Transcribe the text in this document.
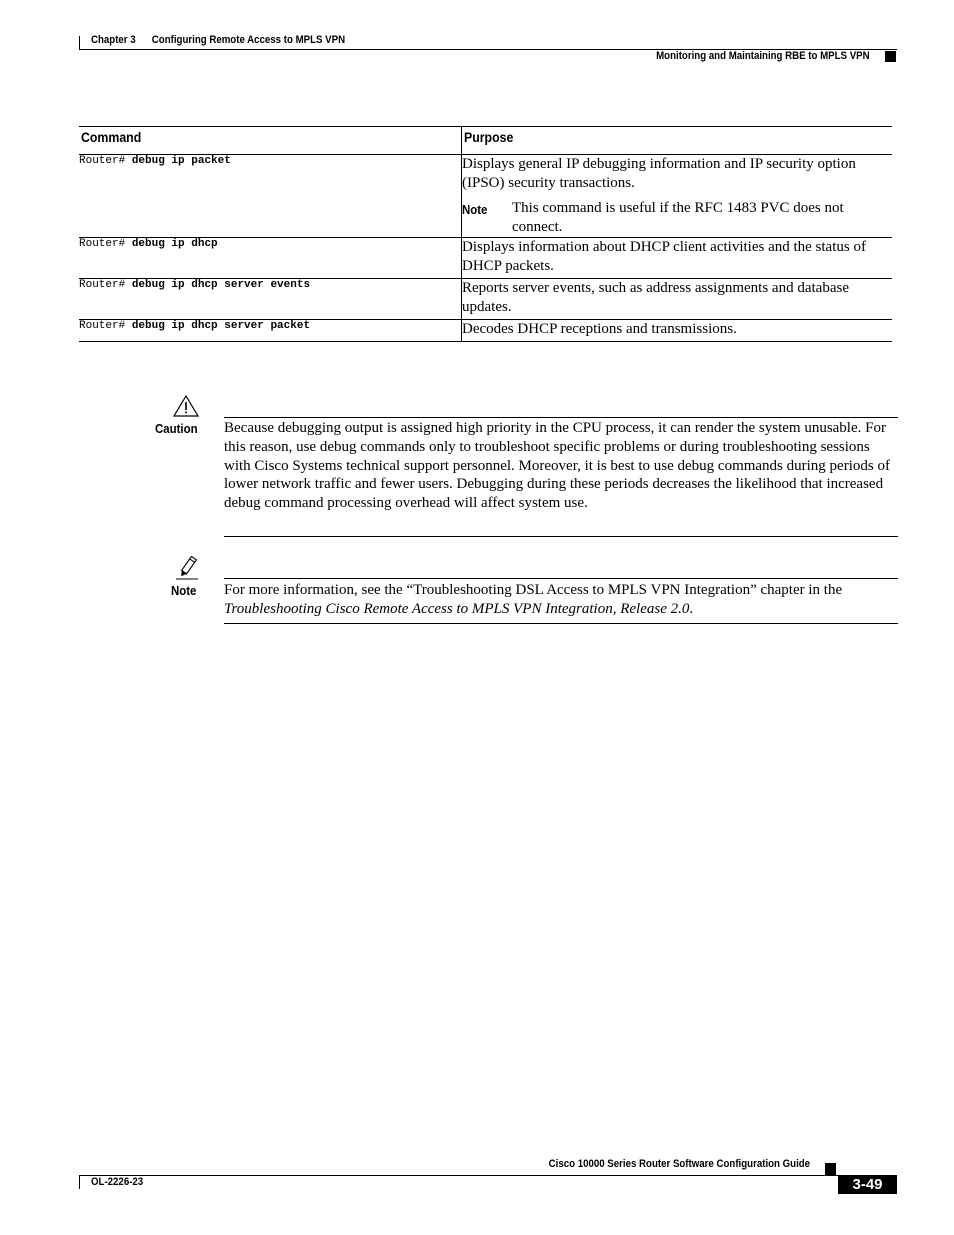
Chapter 3 Configuring Remote Access to MPLS VPN
Monitoring and Maintaining RBE to MPLS VPN
Command	Purpose
Router# debug ip packet	Displays general IP debugging information and IP security option (IPSO) security transactions.
Note This command is useful if the RFC 1483 PVC does not connect.

Router# debug ip dhcp	Displays information about DHCP client activities and the status of DHCP packets.
Router# debug ip dhcp server events	Reports server events, such as address assignments and database updates.
Router# debug ip dhcp server packet	Decodes DHCP receptions and transmissions.
Caution Because debugging output is assigned high priority in the CPU process, it can render the system unusable. For this reason, use debug commands only to troubleshoot specific problems or during troubleshooting sessions with Cisco Systems technical support personnel. Moreover, it is best to use debug commands during periods of lower network traffic and fewer users. Debugging during these periods decreases the likelihood that increased debug command processing overhead will affect system use.
Note For more information, see the “Troubleshooting DSL Access to MPLS VPN Integration” chapter in the Troubleshooting Cisco Remote Access to MPLS VPN Integration, Release 2.0.
Cisco 10000 Series Router Software Configuration Guide
OL-2226-23	3-49
